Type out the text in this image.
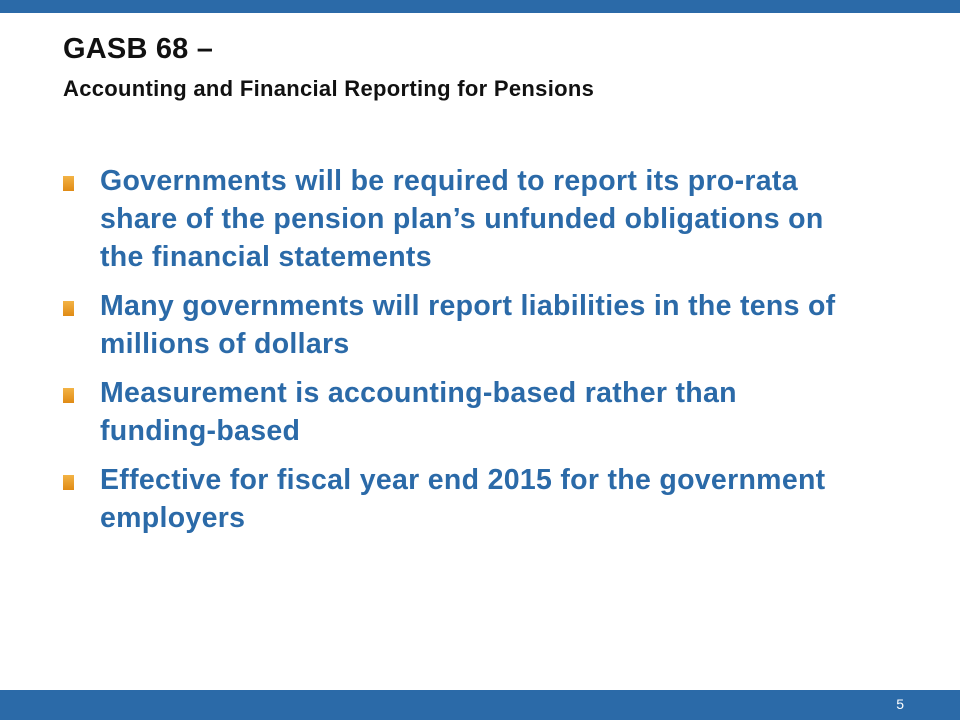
GASB 68 –
Accounting and Financial Reporting for Pensions
Governments will be required to report its pro-rata share of the pension plan’s unfunded obligations on the financial statements
Many governments will report liabilities in the tens of millions of dollars
Measurement is accounting-based rather than funding-based
Effective for fiscal year end 2015 for the government employers
5
